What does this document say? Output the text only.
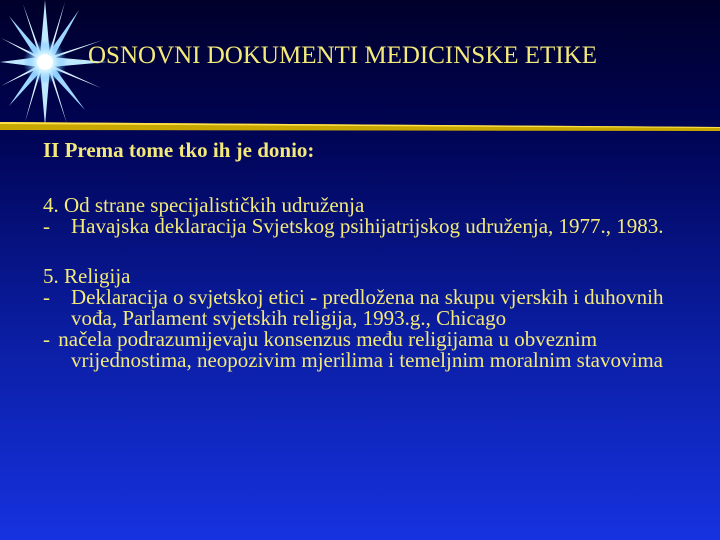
OSNOVNI DOKUMENTI MEDICINSKE ETIKE
II Prema tome tko ih je donio:
4. Od strane specijalističkih udruženja
- Havajska deklaracija Svjetskog psihijatrijskog udruženja, 1977., 1983.
5. Religija
- Deklaracija o svjetskoj etici - predložena na skupu vjerskih i duhovnih vođa, Parlament svjetskih religija, 1993.g., Chicago
- načela podrazumijevaju konsenzus među religijama u obveznim vrijednostima, neopozivim mjerilima i temeljnim moralnim stavovima
